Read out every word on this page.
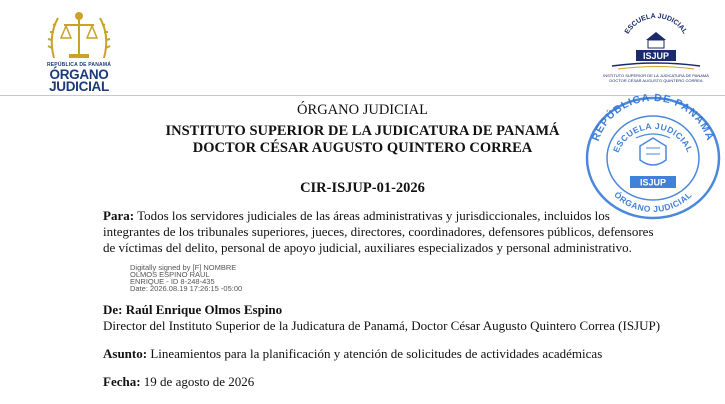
REPÚBLICA DE PANAMÁ
ÓRGANO
JUDICIAL
ESCUELA JUDICIAL
ISJUP
INSTITUTO SUPERIOR DE LA JUDICATURA DE PANAMÁ
DOCTOR CÉSAR AUGUSTO QUINTERO CORREA
REPÚBLICA DE PANAMÁ
ESCUELA JUDICIAL
ÓRGANO JUDICIAL
ISJUP
ÓRGANO JUDICIAL
INSTITUTO SUPERIOR DE LA JUDICATURA DE PANAMÁ
DOCTOR CÉSAR AUGUSTO QUINTERO CORREA
CIR-ISJUP-01-2026
Para: Todos los servidores judiciales de las áreas administrativas y jurisdiccionales, incluidos los
integrantes de los tribunales superiores, jueces, directores, coordinadores, defensores públicos, defensores
de víctimas del delito, personal de apoyo judicial, auxiliares especializados y personal administrativo.
Digitally signed by [F] NOMBRE
OLMOS ESPINO RAUL
ENRIQUE - ID 8-248-435
Date: 2026.08.19 17:26:15 -05:00
De: Raúl Enrique Olmos Espino
Director del Instituto Superior de la Judicatura de Panamá, Doctor César Augusto Quintero Correa (ISJUP)
Asunto: Lineamientos para la planificación y atención de solicitudes de actividades académicas
Fecha: 19 de agosto de 2026
